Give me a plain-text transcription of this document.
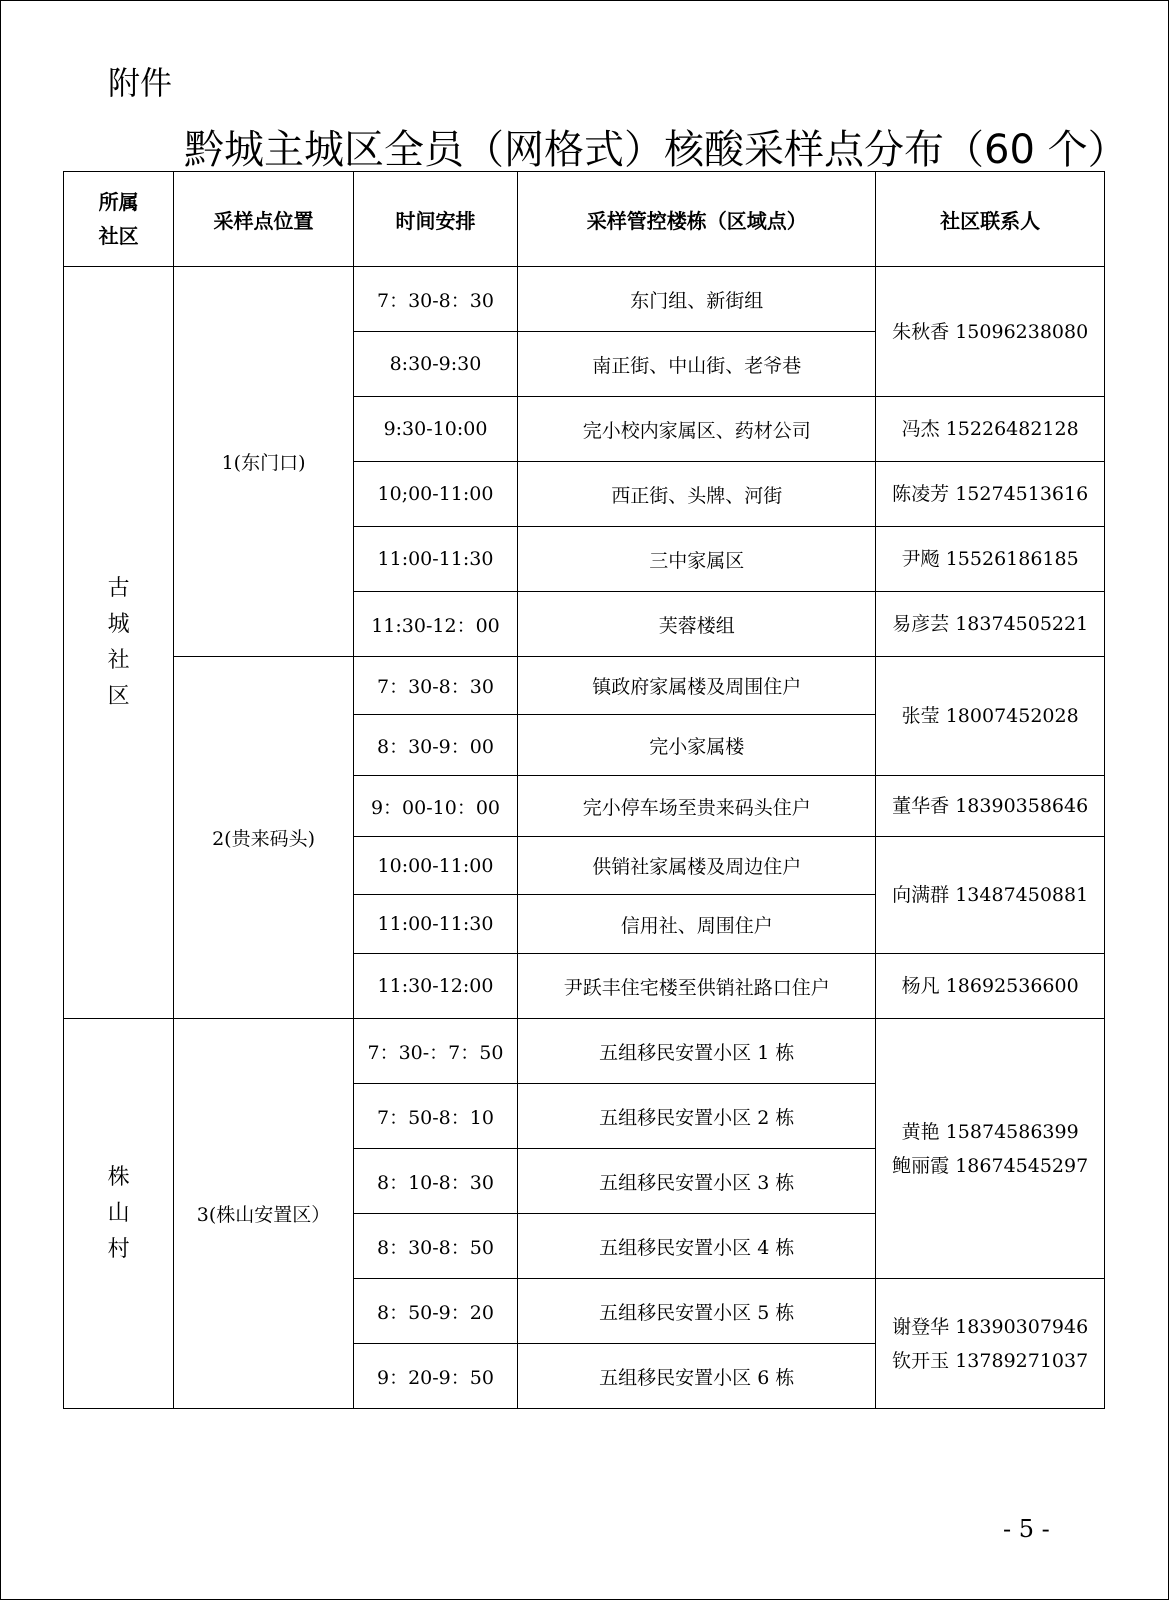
附件
黔城主城区全员（网格式）核酸采样点分布（60 个）
所属
社区	采样点位置	时间安排	采样管控楼栋（区域点）	社区联系人
古
城
社
区	1(东门口)	7：30-8：30	东门组、新街组	朱秋香 15096238080

		8:30-9:30	南正街、中山街、老爷巷	
		9:30-10:00	完小校内家属区、药材公司	冯杰 15226482128

		10;00-11:00	西正街、头牌、河街	陈凌芳 15274513616

		11:00-11:30	三中家属区	尹飏 15526186185

		11:30-12：00	芙蓉楼组	易彦芸 18374505221

	2(贵来码头)	7：30-8：30	镇政府家属楼及周围住户	张莹 18007452028

		8：30-9：00	完小家属楼	
		9：00-10：00	完小停车场至贵来码头住户	董华香 18390358646

		10:00-11:00	供销社家属楼及周边住户	向满群 13487450881

		11:00-11:30	信用社、周围住户	
		11:30-12:00	尹跃丰住宅楼至供销社路口住户	杨凡 18692536600

株
山
村	3(株山安置区）	7：30-：7：50	五组移民安置小区 1 栋	黄艳 15874586399
鲍丽霞 18674545297

		7：50-8：10	五组移民安置小区 2 栋	
		8：10-8：30	五组移民安置小区 3 栋	
		8：30-8：50	五组移民安置小区 4 栋	
		8：50-9：20	五组移民安置小区 5 栋	谢登华 18390307946
钦开玉 13789271037

		9：20-9：50	五组移民安置小区 6 栋	
- 5 -
